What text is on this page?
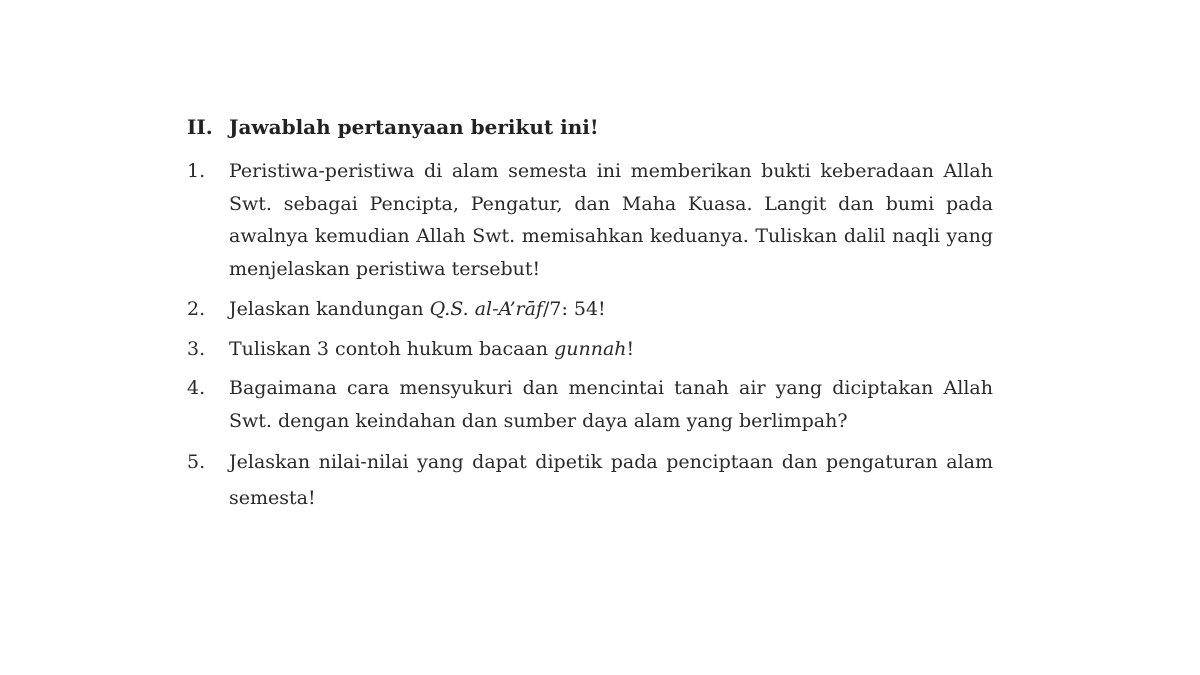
II. Jawablah pertanyaan berikut ini!
1. Peristiwa-peristiwa di alam semesta ini memberikan bukti keberadaan Allah Swt. sebagai Pencipta, Pengatur, dan Maha Kuasa. Langit dan bumi pada awalnya kemudian Allah Swt. memisahkan keduanya. Tuliskan dalil naqli yang menjelaskan peristiwa tersebut!
2. Jelaskan kandungan Q.S. al-A’rāf/7: 54!
3. Tuliskan 3 contoh hukum bacaan gunnah!
4. Bagaimana cara mensyukuri dan mencintai tanah air yang diciptakan Allah Swt. dengan keindahan dan sumber daya alam yang berlimpah?
5. Jelaskan nilai-nilai yang dapat dipetik pada penciptaan dan pengaturan alam semesta!
